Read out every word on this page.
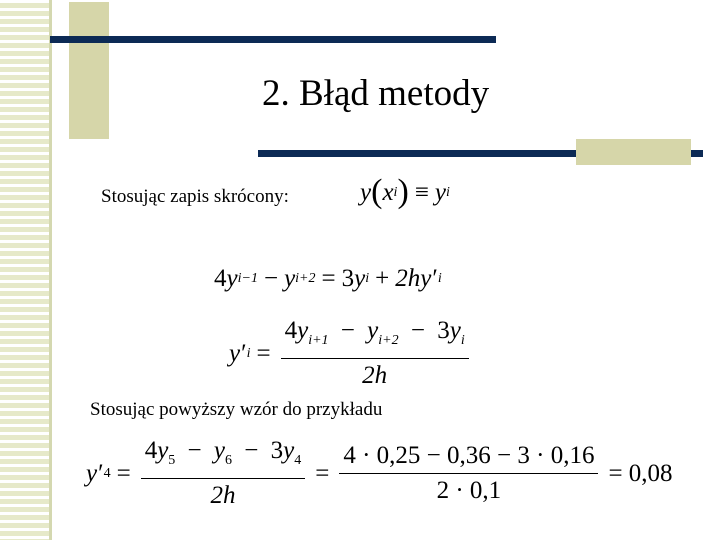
2. Błąd metody
Stosując zapis skrócony:	y ( x i ) ≡ y i
4 y i−1 − y i+2 = 3 y i + 2h y ′ i
y ′ $i = \frac{4y_{i+1} - y_{i+2} - 3y_i}{2h}$
Stosując powyższy wzór do przykładu
y ′ $4 = \frac{4y_5 - y_6 - 3y_4}{2h} = \frac{4 \cdot 0,25 - 0,36 - 3 \cdot 0,16}{2 \cdot 0,1} = 0,08$
